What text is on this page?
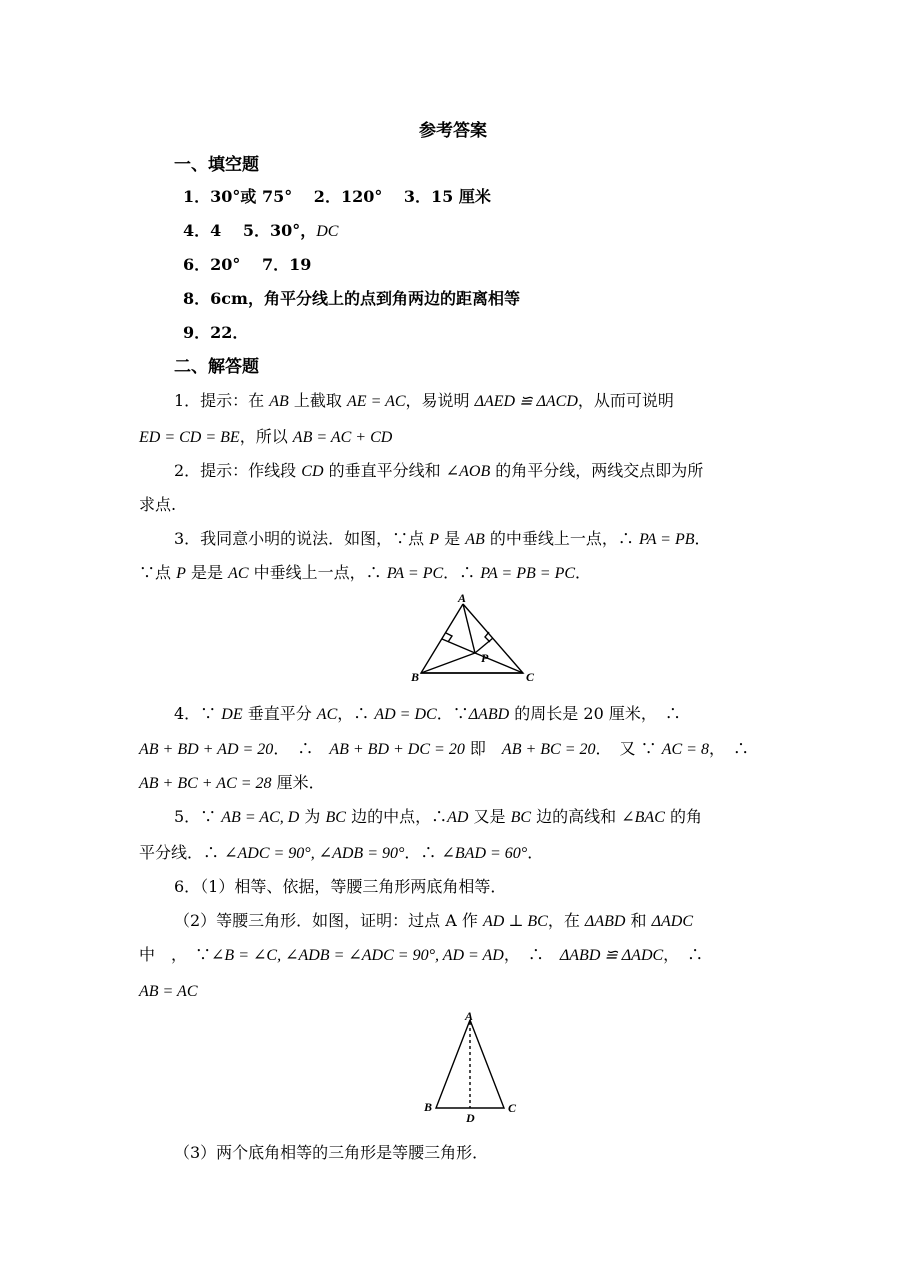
参考答案
一、填空题
1．30°或 75°　 2．120°　 3．15 厘米
4．4　 5．30°，DC
6．20°　 7．19
8．6cm，角平分线上的点到角两边的距离相等
9．22．
二、解答题
1．提示：在 AB 上截取 AE = AC，易说明 ΔAED ≌ ΔACD，从而可说明
ED = CD = BE，所以 AB = AC + CD
2．提示：作线段 CD 的垂直平分线和 ∠AOB 的角平分线，两线交点即为所
求点.
3．我同意小明的说法．如图，∵点 P 是 AB 的中垂线上一点，∴ PA = PB．
∵点 P 是是 AC 中垂线上一点，∴ PA = PC．∴ PA = PB = PC．
A
B	C
P
4．∵ DE 垂直平分 AC，∴ AD = DC．∵ΔABD 的周长是 20 厘米，　∴
AB + BD + AD = 20．　∴　AB + BD + DC = 20 即　AB + BC = 20．　又 ∵ AC = 8，　∴
AB + BC + AC = 28 厘米．
5．∵ AB = AC, D 为 BC 边的中点，∴AD 又是 BC 边的高线和 ∠BAC 的角
平分线．∴ ∠ADC = 90°, ∠ADB = 90°．∴ ∠BAD = 60°．
6．（1）相等、依据，等腰三角形两底角相等．
（2）等腰三角形．如图，证明：过点 A 作 AD ⊥ BC，在 ΔABD 和 ΔADC
中　，　∵∠B = ∠C, ∠ADB = ∠ADC = 90°, AD = AD，　∴　ΔABD ≌ ΔADC，　∴
AB = AC
A
B	C
D
（3）两个底角相等的三角形是等腰三角形．
